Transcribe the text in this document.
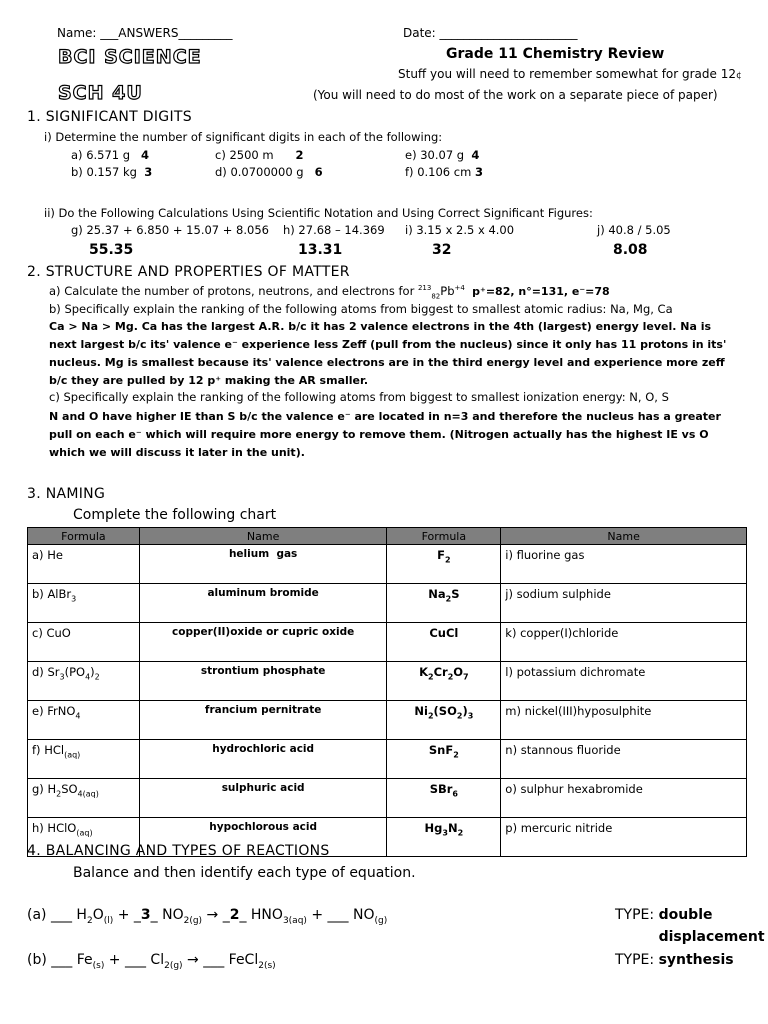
Name: ___ANSWERS_________	Date: _______________________
BCI SCIENCE
SCH 4U
Grade 11 Chemistry Review
Stuff you will need to remember somewhat for grade 12¢
(You will need to do most of the work on a separate piece of paper)
1. SIGNIFICANT DIGITS
i) Determine the number of significant digits in each of the following:
a) 6.571 g 4	c) 2500 m 2	e) 30.07 g 4
b) 0.157 kg 3	d) 0.0700000 g 6	f) 0.106 cm 3
ii) Do the Following Calculations Using Scientific Notation and Using Correct Significant Figures:
g) 25.37 + 6.850 + 15.07 + 8.056 h) 27.68 – 14.369 i) 3.15 x 2.5 x 4.00	j) 40.8 / 5.05
55.35	13.31	32	8.08
2. STRUCTURE AND PROPERTIES OF MATTER
a) Calculate the number of protons, neutrons, and electrons for $^{213}_{82}Pb^{+4}$ p⁺=82, n°=131, e⁻=78
b) Specifically explain the ranking of the following atoms from biggest to smallest atomic radius: Na, Mg, Ca
Ca > Na > Mg. Ca has the largest A.R. b/c it has 2 valence electrons in the 4th (largest) energy level. Na is next largest b/c its' valence e⁻ experience less Zeff (pull from the nucleus) since it only has 11 protons in its' nucleus. Mg is smallest because its' valence electrons are in the third energy level and experience more zeff b/c they are pulled by 12 p⁺ making the AR smaller.
c) Specifically explain the ranking of the following atoms from biggest to smallest ionization energy: N, O, S
N and O have higher IE than S b/c the valence e⁻ are located in n=3 and therefore the nucleus has a greater pull on each e⁻ which will require more energy to remove them. (Nitrogen actually has the highest IE vs O which we will discuss it later in the unit).
3. NAMING
Complete the following chart
Formula	Name	Formula	Name
a) He	helium  gas	$F_2$	i) fluorine gas
b) AlBr$_3$	aluminum bromide	$Na_2S$	j) sodium sulphide
c) CuO	copper(II)oxide or cupric oxide	CuCl	k) copper(I)chloride
d) $Sr_3(PO_4)_2$	strontium phosphate	$K_2Cr_2O_7$	l) potassium dichromate
e) FrNO$_4$	francium pernitrate	$Ni_2(SO_2)_3$	m) nickel(III)hyposulphite
f) HCl$_{(aq)}$	hydrochloric acid	SnF$_2$	n) stannous fluoride
g) $H_2SO_{4(aq)}$	sulphuric acid	SBr$_6$	o) sulphur hexabromide
h) HClO$_{(aq)}$	hypochlorous acid	$Hg_3N_2$	p) mercuric nitride
4. BALANCING AND TYPES OF REACTIONS
Balance and then identify each type of equation.
(a) ___ $H_2O_{(l)}$ + _3_ $NO_{2(g)}$ → _2_ $HNO_{3(aq)}$ + ___ $NO_{(g)}$	TYPE: double displacement
(b) ___ $Fe_{(s)}$ + ___ $Cl_{2(g)}$ → ___ FeCl$_{2(s)}$	TYPE: synthesis
